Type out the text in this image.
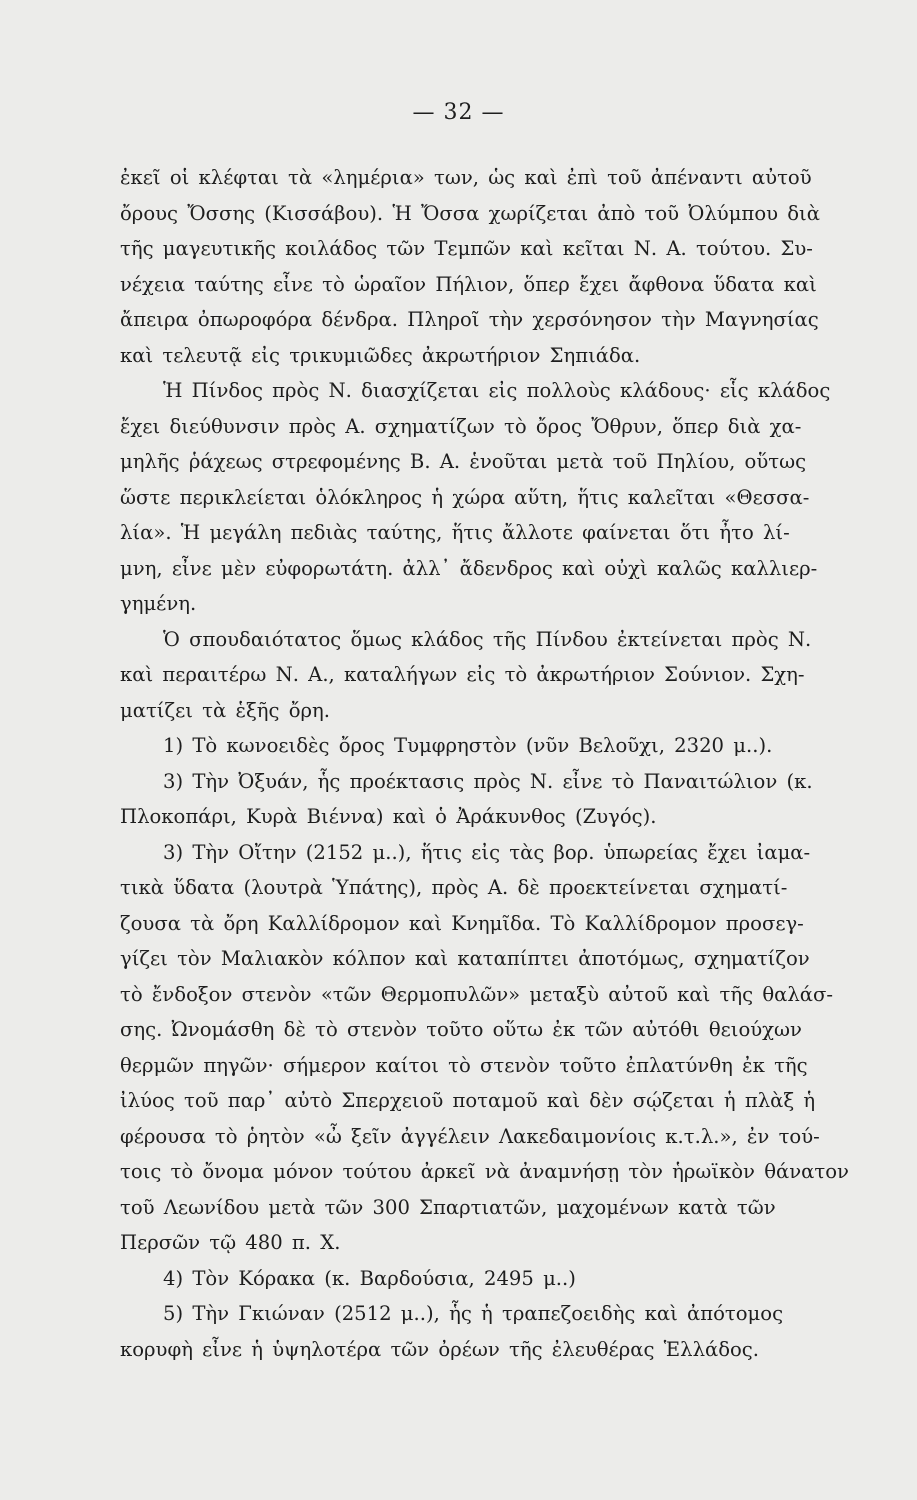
— 32 —
ἐκεῖ οἱ κλέφται τὰ «λημέρια» των, ὡς καὶ ἐπὶ τοῦ ἀπέναντι αὐτοῦ
ὄρους Ὄσσης (Κισσάβου). Ἡ Ὄσσα χωρίζεται ἀπὸ τοῦ Ὀλύμπου διὰ
τῆς μαγευτικῆς κοιλάδος τῶν Τεμπῶν καὶ κεῖται Ν. Α. τούτου. Συ-
νέχεια ταύτης εἶνε τὸ ὡραῖον Πήλιον, ὅπερ ἔχει ἄφθονα ὕδατα καὶ
ἄπειρα ὀπωροφόρα δένδρα. Πληροῖ τὴν χερσόνησον τὴν Μαγνησίας
καὶ τελευτᾷ εἰς τρικυμιῶδες ἀκρωτήριον Σηπιάδα.
Ἡ Πίνδος πρὸς Ν. διασχίζεται εἰς πολλοὺς κλάδους· εἷς κλάδος
ἔχει διεύθυνσιν πρὸς Α. σχηματίζων τὸ ὄρος Ὄθρυν, ὅπερ διὰ χα-
μηλῆς ῥάχεως στρεφομένης Β. Α. ἑνοῦται μετὰ τοῦ Πηλίου, οὕτως
ὥστε περικλείεται ὁλόκληρος ἡ χώρα αὕτη, ἥτις καλεῖται «Θεσσα-
λία». Ἡ μεγάλη πεδιὰς ταύτης, ἥτις ἄλλοτε φαίνεται ὅτι ἦτο λί-
μνη, εἶνε μὲν εὐφορωτάτη. ἀλλ᾽ ἄδενδρος καὶ οὐχὶ καλῶς καλλιερ-
γημένη.
Ὁ σπουδαιότατος ὅμως κλάδος τῆς Πίνδου ἐκτείνεται πρὸς Ν.
καὶ περαιτέρω Ν. Α., καταλήγων εἰς τὸ ἀκρωτήριον Σούνιον. Σχη-
ματίζει τὰ ἑξῆς ὄρη.
1) Τὸ κωνοειδὲς ὄρος Τυμφρηστὸν (νῦν Βελοῦχι, 2320 μ..).
3) Τὴν Ὀξυάν, ἧς προέκτασις πρὸς Ν. εἶνε τὸ Παναιτώλιον (κ.
Πλοκοπάρι, Κυρὰ Βιέννα) καὶ ὁ Ἀράκυνθος (Ζυγός).
3) Τὴν Οἴτην (2152 μ..), ἥτις εἰς τὰς βορ. ὑπωρείας ἔχει ἰαμα-
τικὰ ὕδατα (λουτρὰ Ὑπάτης), πρὸς Α. δὲ προεκτείνεται σχηματί-
ζουσα τὰ ὄρη Καλλίδρομον καὶ Κνημῖδα. Τὸ Καλλίδρομον προσεγ-
γίζει τὸν Μαλιακὸν κόλπον καὶ καταπίπτει ἀποτόμως, σχηματίζον
τὸ ἔνδοξον στενὸν «τῶν Θερμοπυλῶν» μεταξὺ αὐτοῦ καὶ τῆς θαλάσ-
σης. Ὠνομάσθη δὲ τὸ στενὸν τοῦτο οὕτω ἐκ τῶν αὐτόθι θειούχων
θερμῶν πηγῶν· σήμερον καίτοι τὸ στενὸν τοῦτο ἐπλατύνθη ἐκ τῆς
ἰλύος τοῦ παρ᾽ αὐτὸ Σπερχειοῦ ποταμοῦ καὶ δὲν σῴζεται ἡ πλὰξ ἡ
φέρουσα τὸ ῥητὸν «ὦ ξεῖν ἀγγέλειν Λακεδαιμονίοις κ.τ.λ.», ἐν τού-
τοις τὸ ὄνομα μόνον τούτου ἀρκεῖ νὰ ἀναμνήσῃ τὸν ἡρωϊκὸν θάνατον
τοῦ Λεωνίδου μετὰ τῶν 300 Σπαρτιατῶν, μαχομένων κατὰ τῶν
Περσῶν τῷ 480 π. Χ.
4) Τὸν Κόρακα (κ. Βαρδούσια, 2495 μ..)
5) Τὴν Γκιώναν (2512 μ..), ἧς ἡ τραπεζοειδὴς καὶ ἀπότομος
κορυφὴ εἶνε ἡ ὑψηλοτέρα τῶν ὀρέων τῆς ἐλευθέρας Ἑλλάδος.
